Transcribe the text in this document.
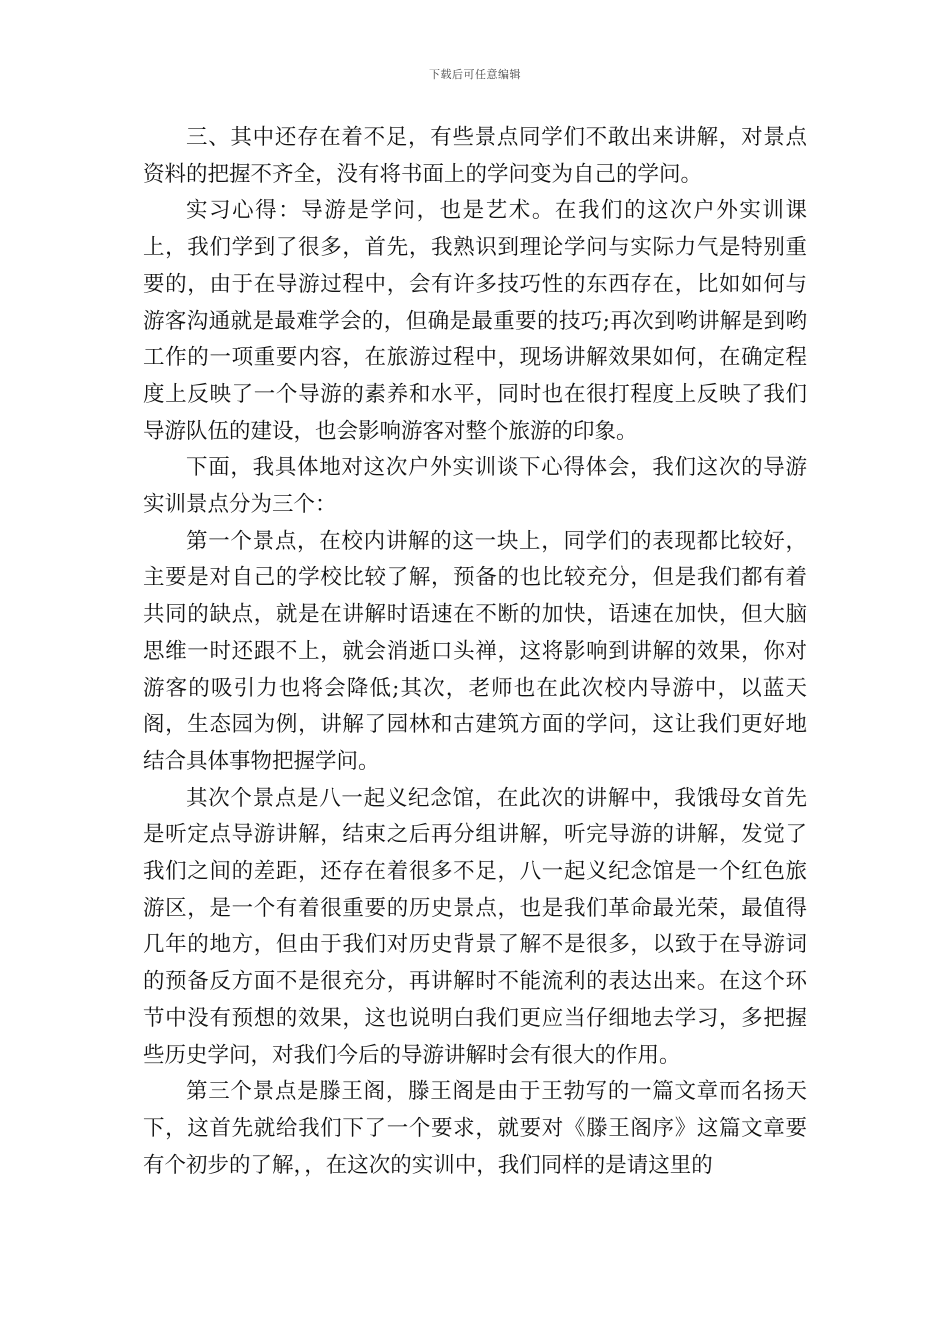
下载后可任意编辑

三、其中还存在着不足，有些景点同学们不敢出来讲解，对景点资料的把握不齐全，没有将书面上的学问变为自己的学问。

实习心得：导游是学问，也是艺术。在我们的这次户外实训课上，我们学到了很多，首先，我熟识到理论学问与实际力气是特别重要的，由于在导游过程中，会有许多技巧性的东西存在，比如如何与游客沟通就是最难学会的，但确是最重要的技巧;再次到哟讲解是到哟工作的一项重要内容，在旅游过程中，现场讲解效果如何，在确定程度上反映了一个导游的素养和水平，同时也在很打程度上反映了我们导游队伍的建设，也会影响游客对整个旅游的印象。

下面，我具体地对这次户外实训谈下心得体会，我们这次的导游实训景点分为三个：

第一个景点，在校内讲解的这一块上，同学们的表现都比较好，主要是对自己的学校比较了解，预备的也比较充分，但是我们都有着共同的缺点，就是在讲解时语速在不断的加快，语速在加快，但大脑思维一时还跟不上，就会消逝口头禅，这将影响到讲解的效果，你对游客的吸引力也将会降低;其次，老师也在此次校内导游中，以蓝天阁，生态园为例，讲解了园林和古建筑方面的学问，这让我们更好地结合具体事物把握学问。

其次个景点是八一起义纪念馆，在此次的讲解中，我饿母女首先是听定点导游讲解，结束之后再分组讲解，听完导游的讲解，发觉了我们之间的差距，还存在着很多不足，八一起义纪念馆是一个红色旅游区，是一个有着很重要的历史景点，也是我们革命最光荣，最值得几年的地方，但由于我们对历史背景了解不是很多，以致于在导游词的预备反方面不是很充分，再讲解时不能流利的表达出来。在这个环节中没有预想的效果，这也说明白我们更应当仔细地去学习，多把握些历史学问，对我们今后的导游讲解时会有很大的作用。

第三个景点是滕王阁，滕王阁是由于王勃写的一篇文章而名扬天下，这首先就给我们下了一个要求，就要对《滕王阁序》这篇文章要有个初步的了解，，在这次的实训中，我们同样的是请这里的
